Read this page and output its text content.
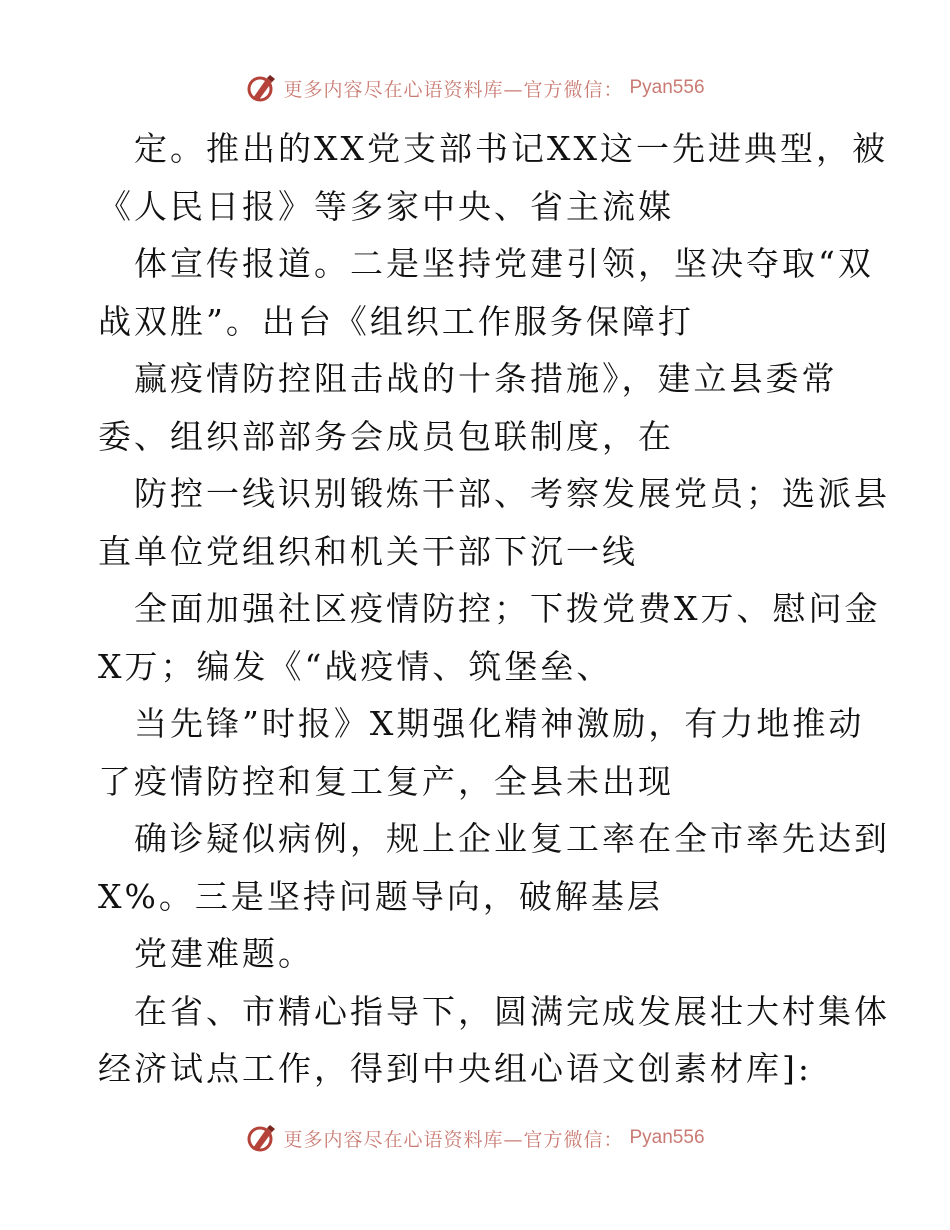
更多内容尽在心语资料库—官方微信： Pyan556
定。推出的XX党支部书记XX这一先进典型，被
《人民日报》等多家中央、省主流媒
体宣传报道。二是坚持党建引领，坚决夺取“双
战双胜”。出台《组织工作服务保障打
赢疫情防控阻击战的十条措施》，建立县委常
委、组织部部务会成员包联制度，在
防控一线识别锻炼干部、考察发展党员；选派县
直单位党组织和机关干部下沉一线
全面加强社区疫情防控；下拨党费X万、慰问金
X万；编发《“战疫情、筑堡垒、
当先锋”时报》X期强化精神激励，有力地推动
了疫情防控和复工复产，全县未出现
确诊疑似病例，规上企业复工率在全市率先达到
X%。三是坚持问题导向，破解基层
党建难题。
在省、市精心指导下，圆满完成发展壮大村集体
经济试点工作，得到中央组心语文创素材库]:
更多内容尽在心语资料库—官方微信： Pyan556
